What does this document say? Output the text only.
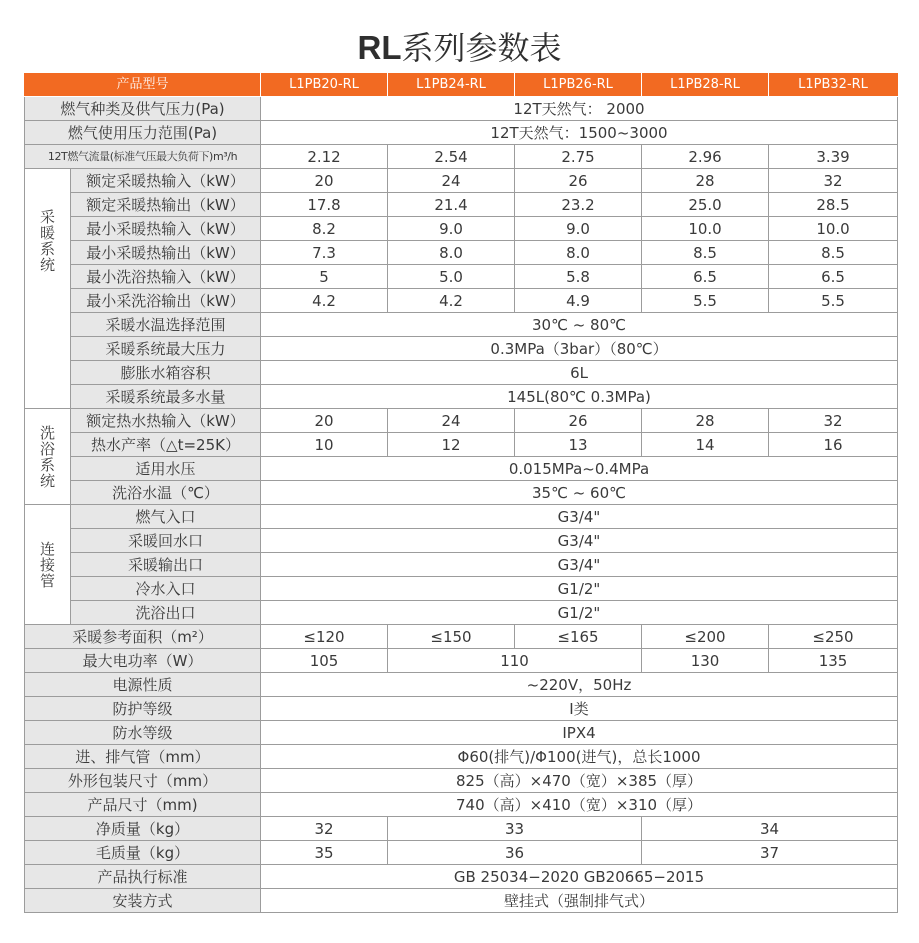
RL系列参数表
产品型号		L1PB20-RL	L1PB24-RL	L1PB26-RL	L1PB28-RL	L1PB32-RL
燃气种类及供气压力(Pa)		12T天然气： 2000				
燃气使用压力范围(Pa)		12T天然气：1500~3000				
12T燃气流量(标准气压最大负荷下)m³/h		2.12	2.54	2.75	2.96	3.39
采
暖
系
统	额定采暖热输入（kW）	20	24	26	28	32
	额定采暖热输出（kW）	17.8	21.4	23.2	25.0	28.5
	最小采暖热输入（kW）	8.2	9.0	9.0	10.0	10.0
	最小采暖热输出（kW）	7.3	8.0	8.0	8.5	8.5
	最小洗浴热输入（kW）	5	5.0	5.8	6.5	6.5
	最小采洗浴输出（kW）	4.2	4.2	4.9	5.5	5.5
	采暖水温选择范围	30℃ ~ 80℃				
	采暖系统最大压力	0.3MPa（3bar）（80℃）				
	膨胀水箱容积	6L				
	采暖系统最多水量	145L(80℃ 0.3MPa)				
洗
浴
系
统	额定热水热输入（kW）	20	24	26	28	32
	热水产率（△t=25K）	10	12	13	14	16
	适用水压	0.015MPa~0.4MPa				
	洗浴水温（℃）	35℃ ~ 60℃				
连
接
管	燃气入口	G3/4"				
	采暖回水口	G3/4"				
	采暖输出口	G3/4"				
	冷水入口	G1/2"				
	洗浴出口	G1/2"				
采暖参考面积（m²）		≤120	≤150	≤165	≤200	≤250
最大电功率（W）		105	110		130	135
电源性质		~220V，50Hz				
防护等级		I类				
防水等级		IPX4				
进、排气管（mm）		Φ60(排气)/Φ100(进气)，总长1000				
外形包装尺寸（mm）		825（高）×470（宽）×385（厚）				
产品尺寸（mm)		740（高）×410（宽）×310（厚）				
净质量（kg）		32	33		34	
毛质量（kg）		35	36		37	
产品执行标准		GB 25034−2020 GB20665−2015				
安装方式		壁挂式（强制排气式）				
